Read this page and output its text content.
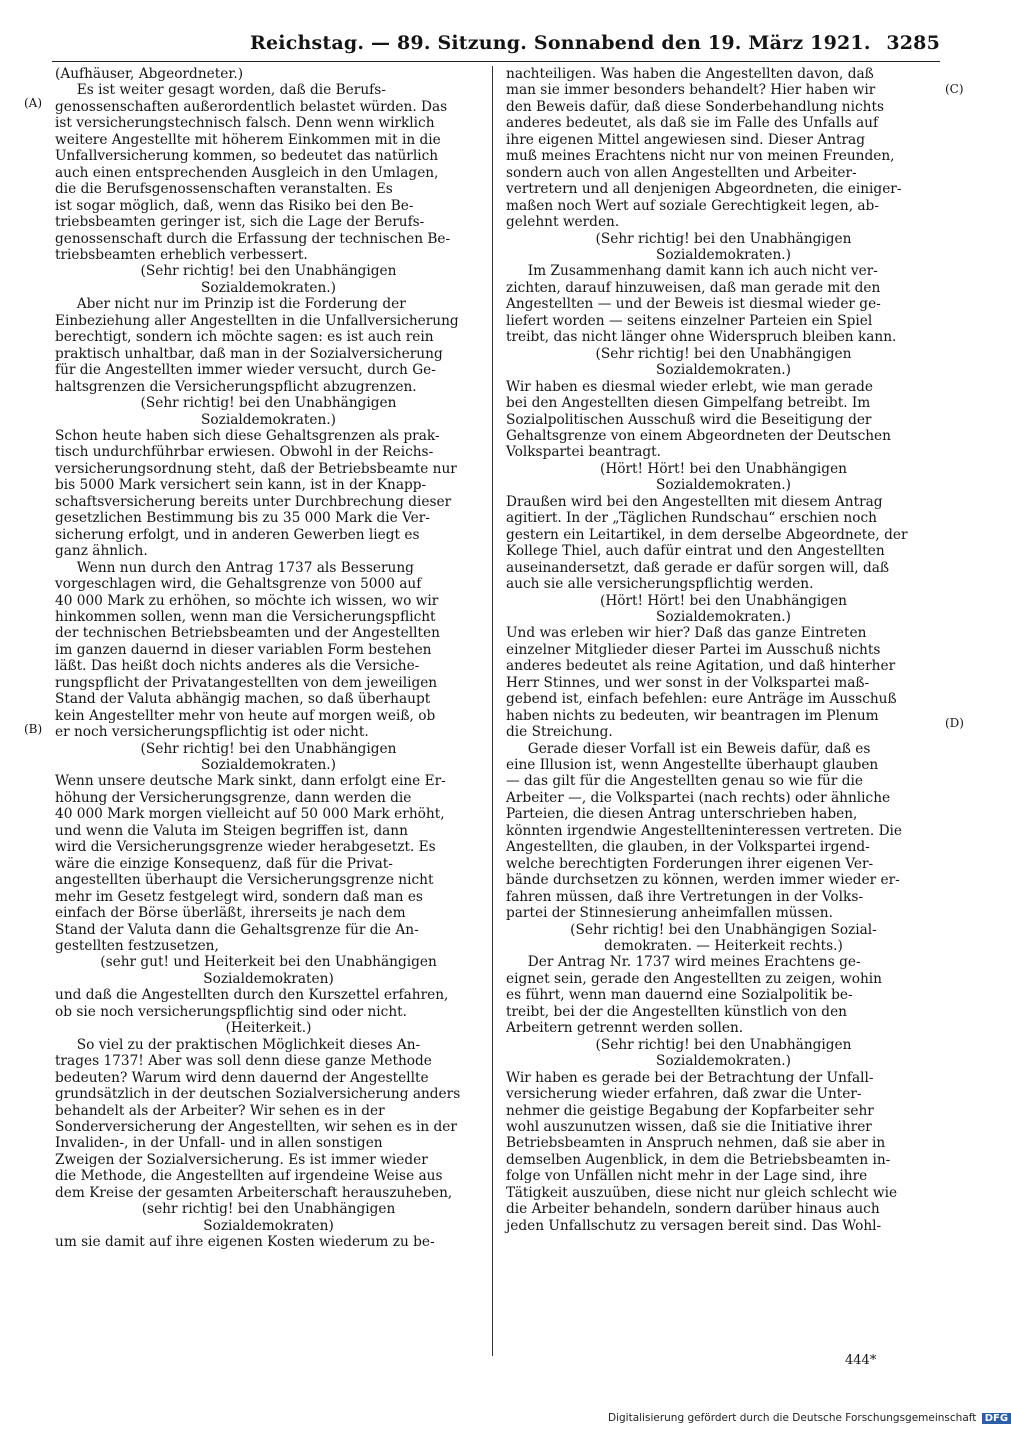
Reichstag. — 89. Sitzung. Sonnabend den 19. März 1921. 3285
(A)
(B)
(C)
(D)
(Aufhäuser, Abgeordneter.)
Es ist weiter gesagt worden, daß die Berufs-
genossenschaften außerordentlich belastet würden. Das
ist versicherungstechnisch falsch. Denn wenn wirklich
weitere Angestellte mit höherem Einkommen mit in die
Unfallversicherung kommen, so bedeutet das natürlich
auch einen entsprechenden Ausgleich in den Umlagen,
die die Berufsgenossenschaften veranstalten. Es
ist sogar möglich, daß, wenn das Risiko bei den Be-
triebsbeamten geringer ist, sich die Lage der Berufs-
genossenschaft durch die Erfassung der technischen Be-
triebsbeamten erheblich verbessert.
(Sehr richtig! bei den Unabhängigen
Sozialdemokraten.)
Aber nicht nur im Prinzip ist die Forderung der
Einbeziehung aller Angestellten in die Unfallversicherung
berechtigt, sondern ich möchte sagen: es ist auch rein
praktisch unhaltbar, daß man in der Sozialversicherung
für die Angestellten immer wieder versucht, durch Ge-
haltsgrenzen die Versicherungspflicht abzugrenzen.
(Sehr richtig! bei den Unabhängigen
Sozialdemokraten.)
Schon heute haben sich diese Gehaltsgrenzen als prak-
tisch undurchführbar erwiesen. Obwohl in der Reichs-
versicherungsordnung steht, daß der Betriebsbeamte nur
bis 5000 Mark versichert sein kann, ist in der Knapp-
schaftsversicherung bereits unter Durchbrechung dieser
gesetzlichen Bestimmung bis zu 35 000 Mark die Ver-
sicherung erfolgt, und in anderen Gewerben liegt es
ganz ähnlich.
Wenn nun durch den Antrag 1737 als Besserung
vorgeschlagen wird, die Gehaltsgrenze von 5000 auf
40 000 Mark zu erhöhen, so möchte ich wissen, wo wir
hinkommen sollen, wenn man die Versicherungspflicht
der technischen Betriebsbeamten und der Angestellten
im ganzen dauernd in dieser variablen Form bestehen
läßt. Das heißt doch nichts anderes als die Versiche-
rungspflicht der Privatangestellten von dem jeweiligen
Stand der Valuta abhängig machen, so daß überhaupt
kein Angestellter mehr von heute auf morgen weiß, ob
er noch versicherungspflichtig ist oder nicht.
(Sehr richtig! bei den Unabhängigen
Sozialdemokraten.)
Wenn unsere deutsche Mark sinkt, dann erfolgt eine Er-
höhung der Versicherungsgrenze, dann werden die
40 000 Mark morgen vielleicht auf 50 000 Mark erhöht,
und wenn die Valuta im Steigen begriffen ist, dann
wird die Versicherungsgrenze wieder herabgesetzt. Es
wäre die einzige Konsequenz, daß für die Privat-
angestellten überhaupt die Versicherungsgrenze nicht
mehr im Gesetz festgelegt wird, sondern daß man es
einfach der Börse überläßt, ihrerseits je nach dem
Stand der Valuta dann die Gehaltsgrenze für die An-
gestellten festzusetzen,
(sehr gut! und Heiterkeit bei den Unabhängigen
Sozialdemokraten)
und daß die Angestellten durch den Kurszettel erfahren,
ob sie noch versicherungspflichtig sind oder nicht.
(Heiterkeit.)
So viel zu der praktischen Möglichkeit dieses An-
trages 1737! Aber was soll denn diese ganze Methode
bedeuten? Warum wird denn dauernd der Angestellte
grundsätzlich in der deutschen Sozialversicherung anders
behandelt als der Arbeiter? Wir sehen es in der
Sonderversicherung der Angestellten, wir sehen es in der
Invaliden-, in der Unfall- und in allen sonstigen
Zweigen der Sozialversicherung. Es ist immer wieder
die Methode, die Angestellten auf irgendeine Weise aus
dem Kreise der gesamten Arbeiterschaft herauszuheben,
(sehr richtig! bei den Unabhängigen
Sozialdemokraten)
um sie damit auf ihre eigenen Kosten wiederum zu be-
nachteiligen. Was haben die Angestellten davon, daß
man sie immer besonders behandelt? Hier haben wir
den Beweis dafür, daß diese Sonderbehandlung nichts
anderes bedeutet, als daß sie im Falle des Unfalls auf
ihre eigenen Mittel angewiesen sind. Dieser Antrag
muß meines Erachtens nicht nur von meinen Freunden,
sondern auch von allen Angestellten und Arbeiter-
vertretern und all denjenigen Abgeordneten, die einiger-
maßen noch Wert auf soziale Gerechtigkeit legen, ab-
gelehnt werden.
(Sehr richtig! bei den Unabhängigen
Sozialdemokraten.)
Im Zusammenhang damit kann ich auch nicht ver-
zichten, darauf hinzuweisen, daß man gerade mit den
Angestellten — und der Beweis ist diesmal wieder ge-
liefert worden — seitens einzelner Parteien ein Spiel
treibt, das nicht länger ohne Widerspruch bleiben kann.
(Sehr richtig! bei den Unabhängigen
Sozialdemokraten.)
Wir haben es diesmal wieder erlebt, wie man gerade
bei den Angestellten diesen Gimpelfang betreibt. Im
Sozialpolitischen Ausschuß wird die Beseitigung der
Gehaltsgrenze von einem Abgeordneten der Deutschen
Volkspartei beantragt.
(Hört! Hört! bei den Unabhängigen
Sozialdemokraten.)
Draußen wird bei den Angestellten mit diesem Antrag
agitiert. In der „Täglichen Rundschau“ erschien noch
gestern ein Leitartikel, in dem derselbe Abgeordnete, der
Kollege Thiel, auch dafür eintrat und den Angestellten
auseinandersetzt, daß gerade er dafür sorgen will, daß
auch sie alle versicherungspflichtig werden.
(Hört! Hört! bei den Unabhängigen
Sozialdemokraten.)
Und was erleben wir hier? Daß das ganze Eintreten
einzelner Mitglieder dieser Partei im Ausschuß nichts
anderes bedeutet als reine Agitation, und daß hinterher
Herr Stinnes, und wer sonst in der Volkspartei maß-
gebend ist, einfach befehlen: eure Anträge im Ausschuß
haben nichts zu bedeuten, wir beantragen im Plenum
die Streichung.
Gerade dieser Vorfall ist ein Beweis dafür, daß es
eine Illusion ist, wenn Angestellte überhaupt glauben
— das gilt für die Angestellten genau so wie für die
Arbeiter —, die Volkspartei (nach rechts) oder ähnliche
Parteien, die diesen Antrag unterschrieben haben,
könnten irgendwie Angestellteninteressen vertreten. Die
Angestellten, die glauben, in der Volkspartei irgend-
welche berechtigten Forderungen ihrer eigenen Ver-
bände durchsetzen zu können, werden immer wieder er-
fahren müssen, daß ihre Vertretungen in der Volks-
partei der Stinnesierung anheimfallen müssen.
(Sehr richtig! bei den Unabhängigen Sozial-
demokraten. — Heiterkeit rechts.)
Der Antrag Nr. 1737 wird meines Erachtens ge-
eignet sein, gerade den Angestellten zu zeigen, wohin
es führt, wenn man dauernd eine Sozialpolitik be-
treibt, bei der die Angestellten künstlich von den
Arbeitern getrennt werden sollen.
(Sehr richtig! bei den Unabhängigen
Sozialdemokraten.)
Wir haben es gerade bei der Betrachtung der Unfall-
versicherung wieder erfahren, daß zwar die Unter-
nehmer die geistige Begabung der Kopfarbeiter sehr
wohl auszunutzen wissen, daß sie die Initiative ihrer
Betriebsbeamten in Anspruch nehmen, daß sie aber in
demselben Augenblick, in dem die Betriebsbeamten in-
folge von Unfällen nicht mehr in der Lage sind, ihre
Tätigkeit auszuüben, diese nicht nur gleich schlecht wie
die Arbeiter behandeln, sondern darüber hinaus auch
jeden Unfallschutz zu versagen bereit sind. Das Wohl-
444*
Digitalisierung gefördert durch die Deutsche Forschungsgemeinschaft DFG
